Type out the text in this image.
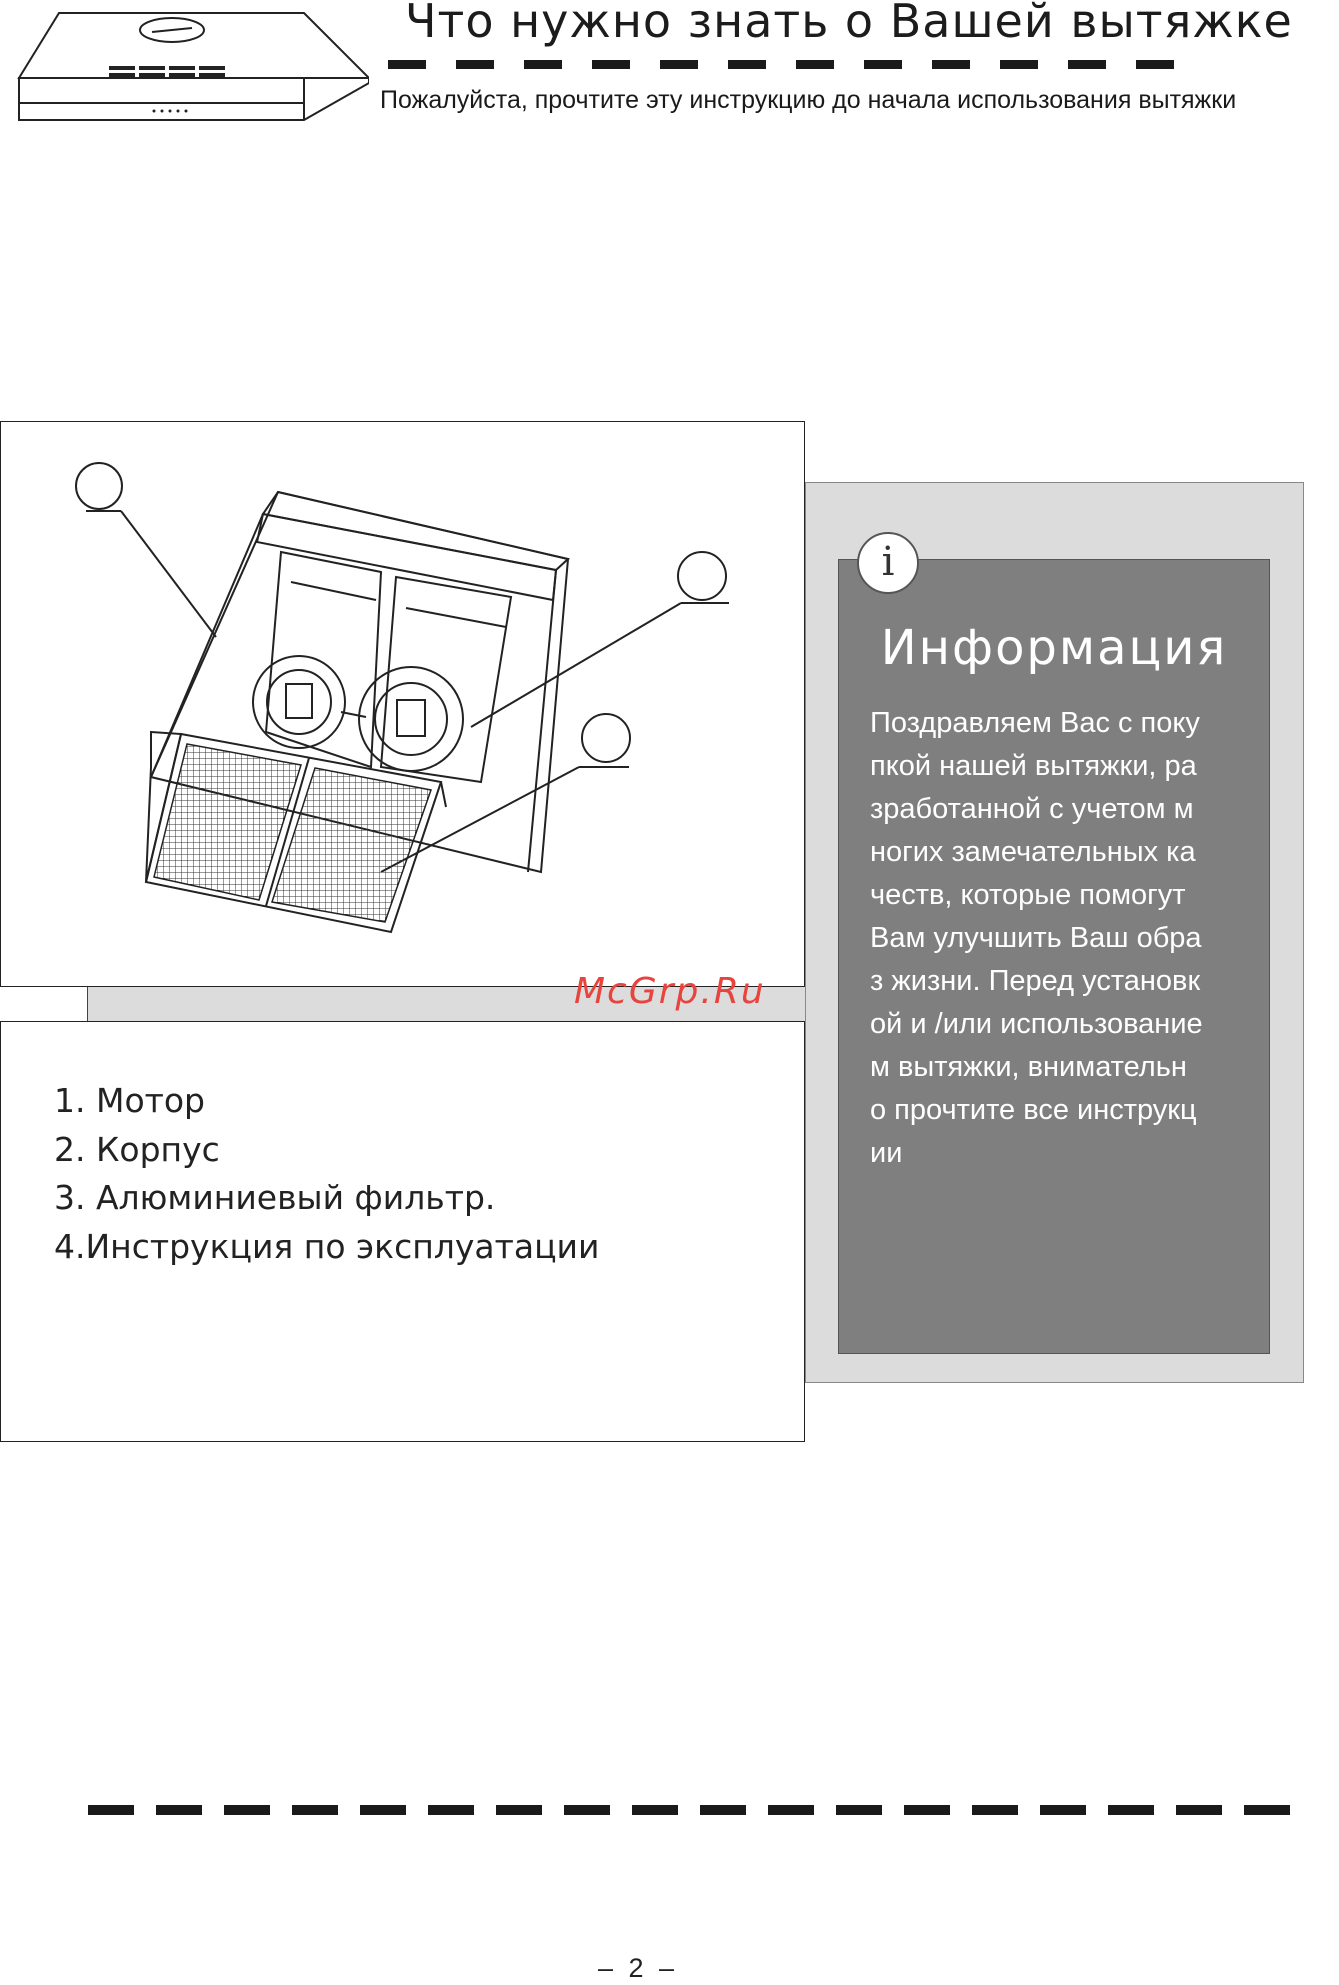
Что нужно знать о Вашей вытяжке
Пожалуйста, прочтите эту инструкцию до начала использования вытяжки
McGrp.Ru
1. Мотор
2. Корпус
3. Алюминиевый фильтр.
4.Инструкция по эксплуатации
i
Информация
Поздравляем Вас с поку
пкой нашей вытяжки, ра
зработанной с учетом м
ногих замечательных ка
честв, которые помогут
Вам улучшить Ваш обра
з жизни. Перед установк
ой и /или использование
м вытяжки, внимательн
о прочтите все инструкц
ии
– 2 –
